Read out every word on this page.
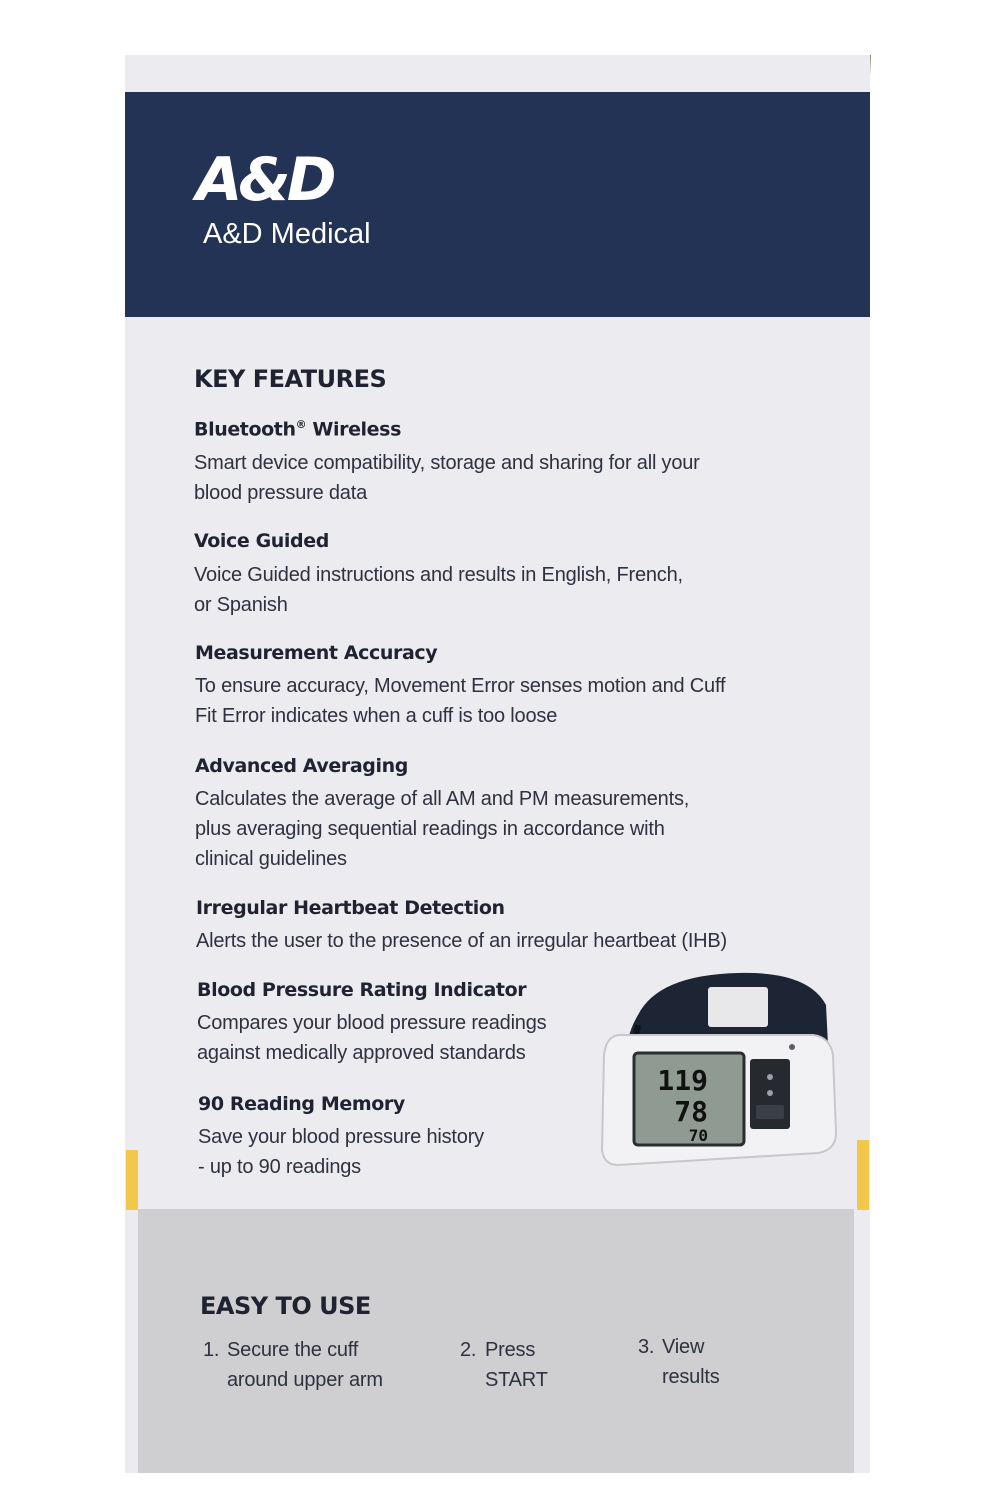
A&D
A&D Medical
KEY FEATURES
Bluetooth® Wireless
Smart device compatibility, storage and sharing for all your
blood pressure data
Voice Guided
Voice Guided instructions and results in English, French,
or Spanish
Measurement Accuracy
To ensure accuracy, Movement Error senses motion and Cuff
Fit Error indicates when a cuff is too loose
Advanced Averaging
Calculates the average of all AM and PM measurements,
plus averaging sequential readings in accordance with
clinical guidelines
Irregular Heartbeat Detection
Alerts the user to the presence of an irregular heartbeat (IHB)
Blood Pressure Rating Indicator
Compares your blood pressure readings
against medically approved standards
90 Reading Memory
Save your blood pressure history
- up to 90 readings
119
78
70
EASY TO USE
1. Secure the cuff
around upper arm
2. Press
START
3. View
results
